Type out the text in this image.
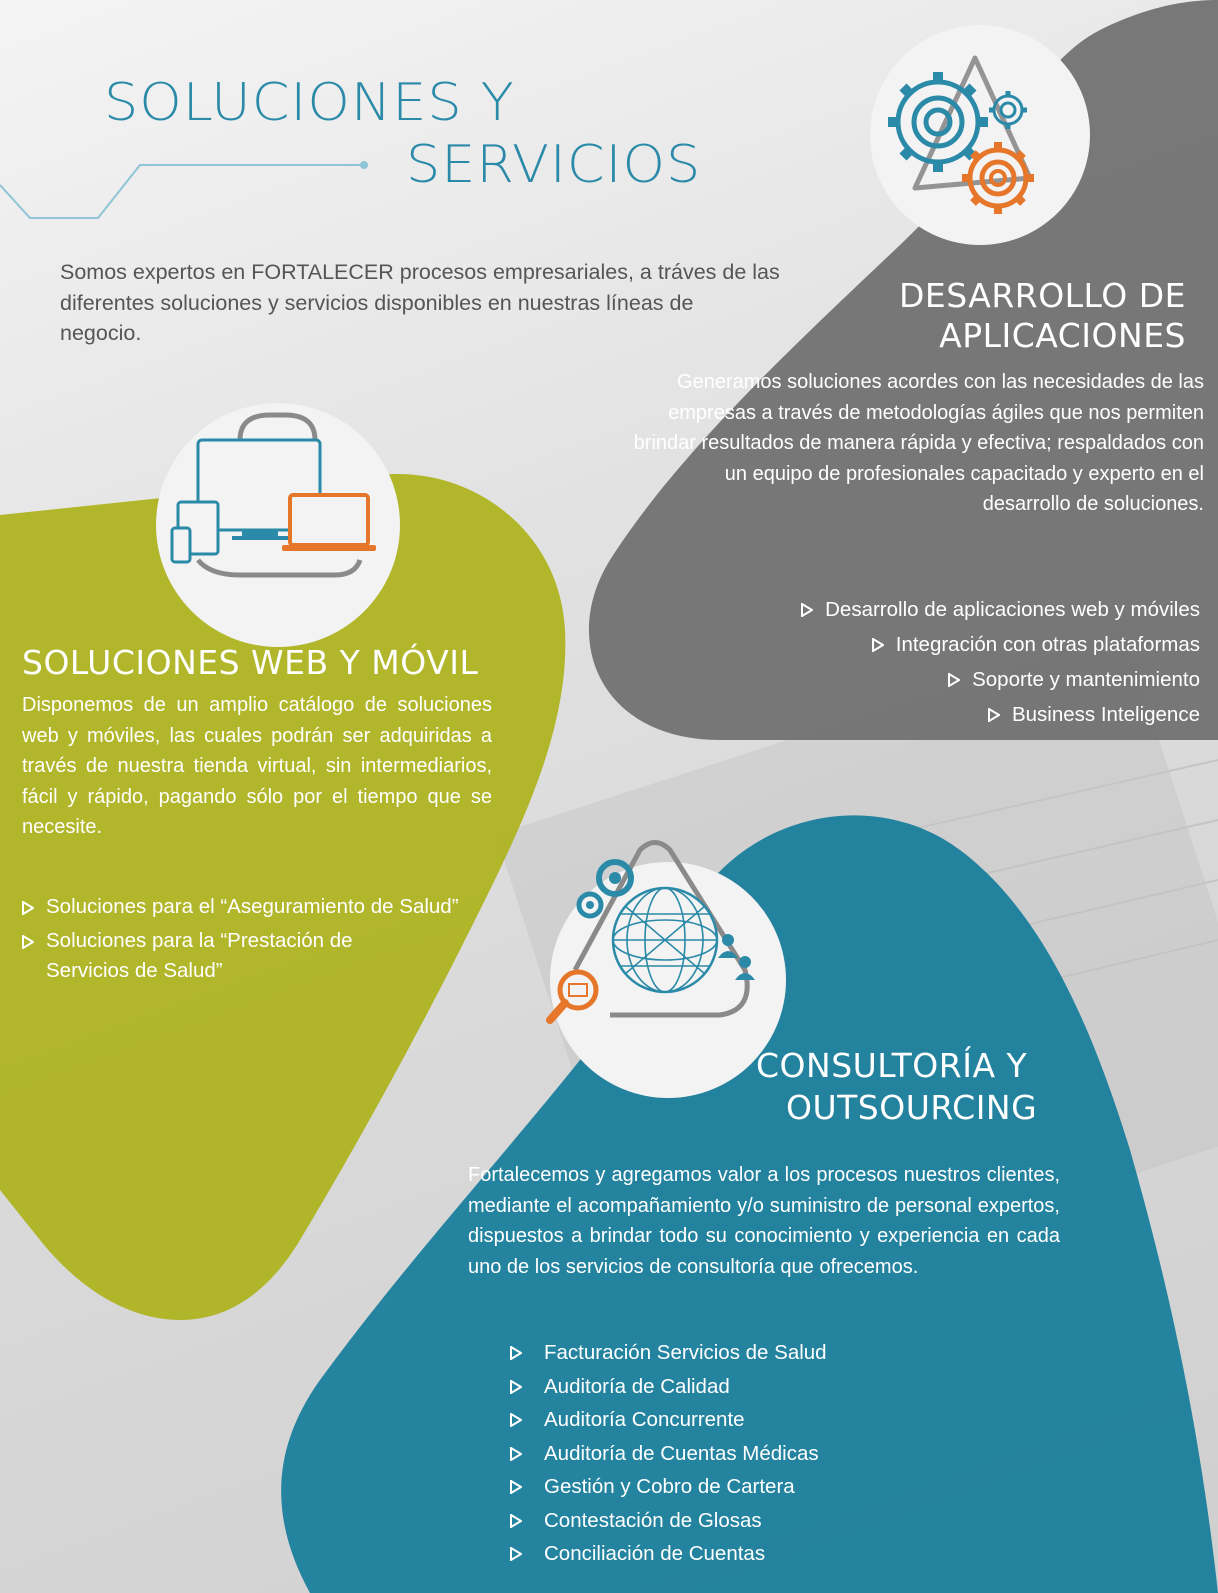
SOLUCIONES Y
SERVICIOS
Somos expertos en FORTALECER procesos empresariales, a tráves de las diferentes soluciones y servicios disponibles en nuestras líneas de negocio.
DESARROLLO DE
APLICACIONES
Generamos soluciones acordes con las necesidades de las empresas a través de metodologías ágiles que nos permiten brindar resultados de manera rápida y efectiva; respaldados con un equipo de profesionales capacitado y experto en el desarrollo de soluciones.
Desarrollo de aplicaciones web y móviles
Integración con otras plataformas
Soporte y mantenimiento
Business Inteligence
SOLUCIONES WEB Y MÓVIL
Disponemos de un amplio catálogo de soluciones web y móviles, las cuales podrán ser adquiridas a través de nuestra tienda virtual, sin intermediarios, fácil y rápido, pagando sólo por el tiempo que se necesite.
Soluciones para el “Aseguramiento de Salud”
Soluciones para la “Prestación de Servicios de Salud”
CONSULTORÍA Y
OUTSOURCING
Fortalecemos y agregamos valor a los procesos nuestros clientes, mediante el acompañamiento y/o suministro de personal expertos, dispuestos a brindar todo su conocimiento y experiencia en cada uno de los servicios de consultoría que ofrecemos.
Facturación Servicios de Salud
Auditoría de Calidad
Auditoría Concurrente
Auditoría de Cuentas Médicas
Gestión y Cobro de Cartera
Contestación de Glosas
Conciliación de Cuentas
